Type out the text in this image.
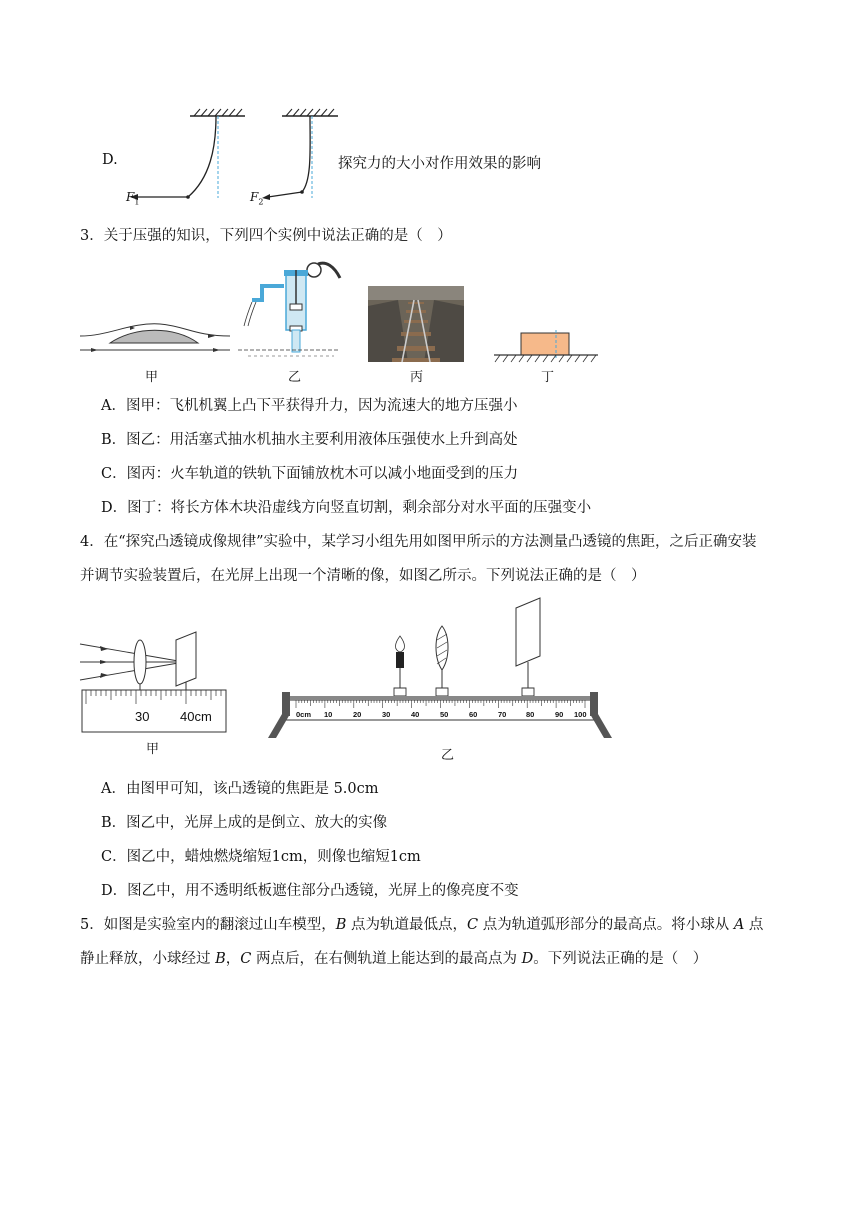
D.
$F_1$	$F_2$
探究力的大小对作用效果的影响
3．关于压强的知识，下列四个实例中说法正确的是（　）
甲	乙	丙	丁
A．图甲：飞机机翼上凸下平获得升力，因为流速大的地方压强小
B．图乙：用活塞式抽水机抽水主要利用液体压强使水上升到高处
C．图丙：火车轨道的铁轨下面铺放枕木可以减小地面受到的压力
D．图丁：将长方体木块沿虚线方向竖直切割，剩余部分对水平面的压强变小
4．在“探究凸透镜成像规律”实验中，某学习小组先用如图甲所示的方法测量凸透镜的焦距，之后正确安装
并调节实验装置后，在光屏上出现一个清晰的像，如图乙所示。下列说法正确的是（　）
30 40cm
甲
0cm 10	20	30	40	50	60	70	80	90 100
乙
A．由图甲可知，该凸透镜的焦距是 5.0cm
B．图乙中，光屏上成的是倒立、放大的实像
C．图乙中，蜡烛燃烧缩短1cm，则像也缩短1cm
D．图乙中，用不透明纸板遮住部分凸透镜，光屏上的像亮度不变
5．如图是实验室内的翻滚过山车模型，B 点为轨道最低点，C 点为轨道弧形部分的最高点。将小球从 A 点
静止释放，小球经过 B，C 两点后，在右侧轨道上能达到的最高点为 D。下列说法正确的是（　）
